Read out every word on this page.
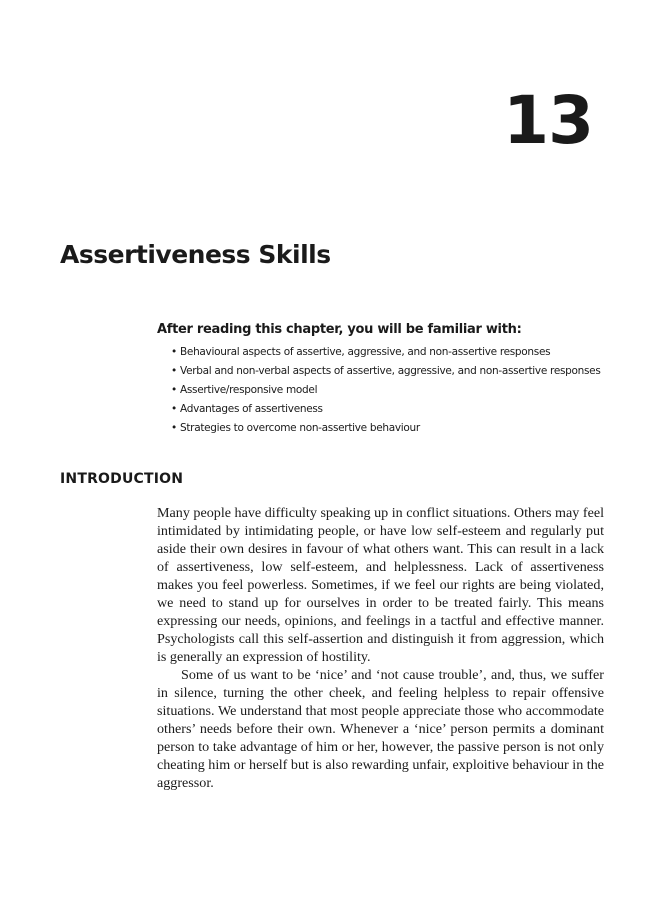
13
Assertiveness Skills
After reading this chapter, you will be familiar with:
• Behavioural aspects of assertive, aggressive, and non-assertive responses
• Verbal and non-verbal aspects of assertive, aggressive, and non-assertive responses
• Assertive/responsive model
• Advantages of assertiveness
• Strategies to overcome non-assertive behaviour
INTRODUCTION

Many people have difficulty speaking up in conflict situations. Others may feel intimidated by intimidating people, or have low self-esteem and regularly put aside their own desires in favour of what others want. This can result in a lack of assertiveness, low self-esteem, and helplessness. Lack of assertiveness makes you feel powerless. Sometimes, if we feel our rights are being violated, we need to stand up for ourselves in order to be treated fairly. This means expressing our needs, opinions, and feelings in a tactful and effective manner. Psychologists call this self-assertion and distinguish it from aggression, which is generally an expression of hostility.

Some of us want to be ‘nice’ and ‘not cause trouble’, and, thus, we suffer in silence, turning the other cheek, and feeling helpless to repair offensive situations. We understand that most people appreciate those who accommodate others’ needs before their own. Whenever a ‘nice’ person permits a dominant person to take advantage of him or her, however, the passive person is not only cheating him or herself but is also rewarding unfair, exploitive behaviour in the aggressor.
